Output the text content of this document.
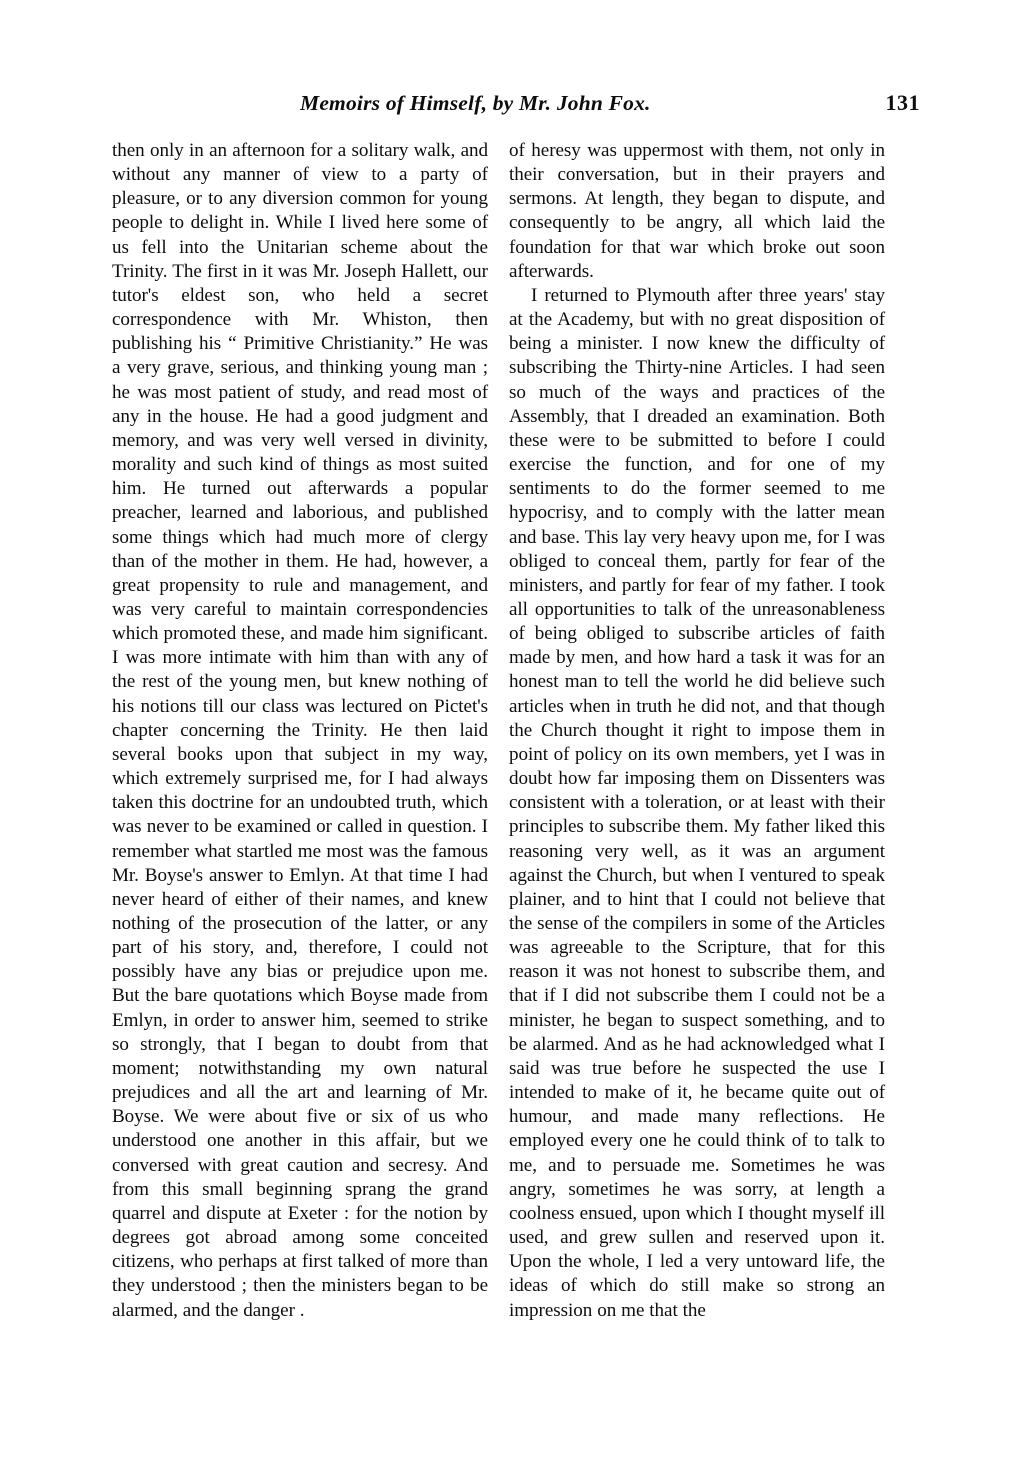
Memoirs of Himself, by Mr. John Fox.	131

then only in an afternoon for a solitary walk, and without any manner of view to a party of pleasure, or to any diversion common for young people to delight in. While I lived here some of us fell into the Unitarian scheme about the Trinity. The first in it was Mr. Joseph Hallett, our tutor's eldest son, who held a secret correspondence with Mr. Whiston, then publishing his “ Primitive Christianity.” He was a very grave, serious, and thinking young man ; he was most patient of study, and read most of any in the house. He had a good judgment and memory, and was very well versed in divinity, morality and such kind of things as most suited him. He turned out afterwards a popular preacher, learned and laborious, and published some things which had much more of clergy than of the mother in them. He had, however, a great propensity to rule and management, and was very careful to maintain correspondencies which promoted these, and made him significant. I was more intimate with him than with any of the rest of the young men, but knew nothing of his notions till our class was lectured on Pictet's chapter concerning the Trinity. He then laid several books upon that subject in my way, which extremely surprised me, for I had always taken this doctrine for an undoubted truth, which was never to be examined or called in question. I remember what startled me most was the famous Mr. Boyse's answer to Emlyn. At that time I had never heard of either of their names, and knew nothing of the prosecution of the latter, or any part of his story, and, therefore, I could not possibly have any bias or prejudice upon me. But the bare quotations which Boyse made from Emlyn, in order to answer him, seemed to strike so strongly, that I began to doubt from that moment; notwithstanding my own natural prejudices and all the art and learning of Mr. Boyse. We were about five or six of us who understood one another in this affair, but we conversed with great caution and secresy. And from this small beginning sprang the grand quarrel and dispute at Exeter : for the notion by degrees got abroad among some conceited citizens, who perhaps at first talked of more than they understood ; then the ministers began to be alarmed, and the danger .

of heresy was uppermost with them, not only in their conversation, but in their prayers and sermons. At length, they began to dispute, and consequently to be angry, all which laid the foundation for that war which broke out soon afterwards.

I returned to Plymouth after three years' stay at the Academy, but with no great disposition of being a minister. I now knew the difficulty of subscribing the Thirty-nine Articles. I had seen so much of the ways and practices of the Assembly, that I dreaded an examination. Both these were to be submitted to before I could exercise the function, and for one of my sentiments to do the former seemed to me hypocrisy, and to comply with the latter mean and base. This lay very heavy upon me, for I was obliged to conceal them, partly for fear of the ministers, and partly for fear of my father. I took all opportunities to talk of the unreasonableness of being obliged to subscribe articles of faith made by men, and how hard a task it was for an honest man to tell the world he did believe such articles when in truth he did not, and that though the Church thought it right to impose them in point of policy on its own members, yet I was in doubt how far imposing them on Dissenters was consistent with a toleration, or at least with their principles to subscribe them. My father liked this reasoning very well, as it was an argument against the Church, but when I ventured to speak plainer, and to hint that I could not believe that the sense of the compilers in some of the Articles was agreeable to the Scripture, that for this reason it was not honest to subscribe them, and that if I did not subscribe them I could not be a minister, he began to suspect something, and to be alarmed. And as he had acknowledged what I said was true before he suspected the use I intended to make of it, he became quite out of humour, and made many reflections. He employed every one he could think of to talk to me, and to persuade me. Sometimes he was angry, sometimes he was sorry, at length a coolness ensued, upon which I thought myself ill used, and grew sullen and reserved upon it. Upon the whole, I led a very untoward life, the ideas of which do still make so strong an impression on me that the
